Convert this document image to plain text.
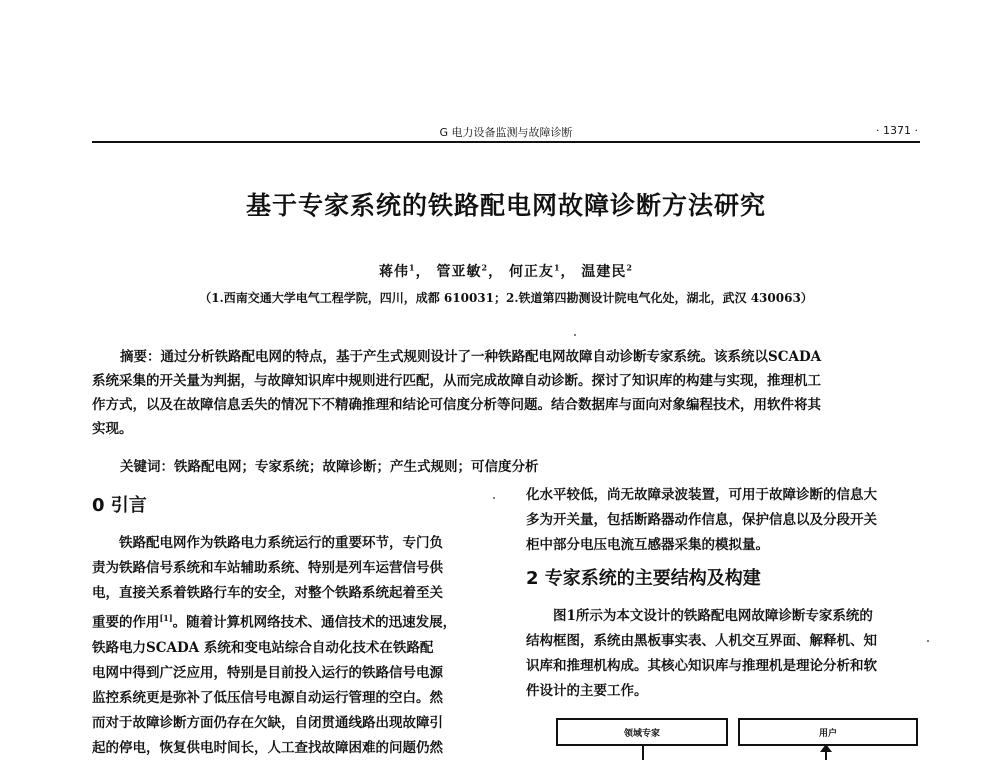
G 电力设备监测与故障诊断	· 1371 ·
基于专家系统的铁路配电网故障诊断方法研究
蒋伟$^1$， 管亚敏$^2$， 何正友$^1$， 温建民$^2$
（1.西南交通大学电气工程学院，四川，成都 610031；2.铁道第四勘测设计院电气化处，湖北，武汉 430063）
摘要：通过分析铁路配电网的特点，基于产生式规则设计了一种铁路配电网故障自动诊断专家系统。该系统以SCADA
系统采集的开关量为判据，与故障知识库中规则进行匹配，从而完成故障自动诊断。探讨了知识库的构建与实现，推理机工
作方式，以及在故障信息丢失的情况下不精确推理和结论可信度分析等问题。结合数据库与面向对象编程技术，用软件将其
实现。
关键词：铁路配电网；专家系统；故障诊断；产生式规则；可信度分析
0 引言

铁路配电网作为铁路电力系统运行的重要环节，专门负

责为铁路信号系统和车站辅助系统、特别是列车运营信号供

电，直接关系着铁路行车的安全，对整个铁路系统起着至关

重要的作用[1]。随着计算机网络技术、通信技术的迅速发展，

铁路电力SCADA 系统和变电站综合自动化技术在铁路配

电网中得到广泛应用，特别是目前投入运行的铁路信号电源

监控系统更是弥补了低压信号电源自动运行管理的空白。然

而对于故障诊断方面仍存在欠缺，自闭贯通线路出现故障引

起的停电，恢复供电时间长，人工查找故障困难的问题仍然

化水平较低，尚无故障录波装置，可用于故障诊断的信息大

多为开关量，包括断路器动作信息，保护信息以及分段开关

柜中部分电压电流互感器采集的模拟量。

2 专家系统的主要结构及构建

图1所示为本文设计的铁路配电网故障诊断专家系统的

结构框图，系统由黑板事实表、人机交互界面、解释机、知

识库和推理机构成。其核心知识库与推理机是理论分析和软

件设计的主要工作。

领域专家	用户
